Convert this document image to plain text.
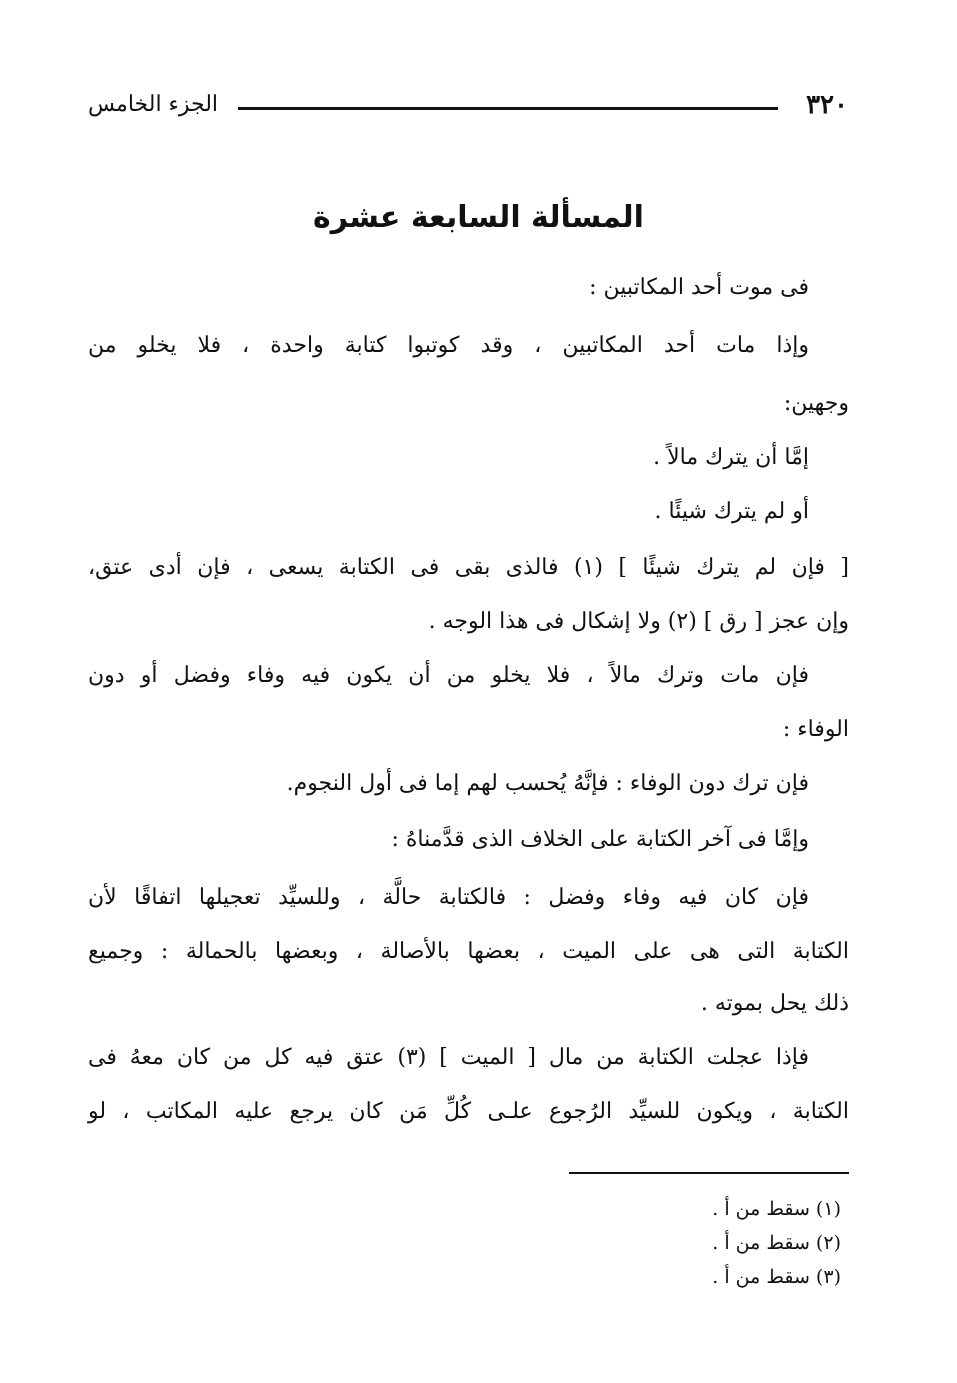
٣٢٠
الجزء الخامس
المسألة السابعة عشرة
فى موت أحد المكاتبين :
وإذا مات أحد المكاتبين ، وقد كوتبوا كتابة واحدة ، فلا يخلو من
وجهين:
إمَّا أن يترك مالاً .
أو لم يترك شيئًا .
[ فإن لم يترك شيئًا ] (١) فالذى بقى فى الكتابة يسعى ، فإن أدى عتق،
وإن عجز [ رق ] (٢) ولا إشكال فى هذا الوجه .
فإن مات وترك مالاً ، فلا يخلو من أن يكون فيه وفاء وفضل أو دون
الوفاء :
فإن ترك دون الوفاء : فإنَّهُ يُحسب لهم إما فى أول النجوم.
وإمَّا فى آخر الكتابة على الخلاف الذى قدَّمناهُ :
فإن كان فيه وفاء وفضل : فالكتابة حالَّة ، وللسيِّد تعجيلها اتفاقًا لأن
الكتابة التى هى على الميت ، بعضها بالأصالة ، وبعضها بالحمالة : وجميع
ذلك يحل بموته .
فإذا عجلت الكتابة من مال [ الميت ] (٣) عتق فيه كل من كان معهُ فى
الكتابة ، ويكون للسيِّد الرُجوع علـى كُلِّ مَن كان يرجع عليه المكاتب ، لو
(١) سقط من أ .
(٢) سقط من أ .
(٣) سقط من أ .
